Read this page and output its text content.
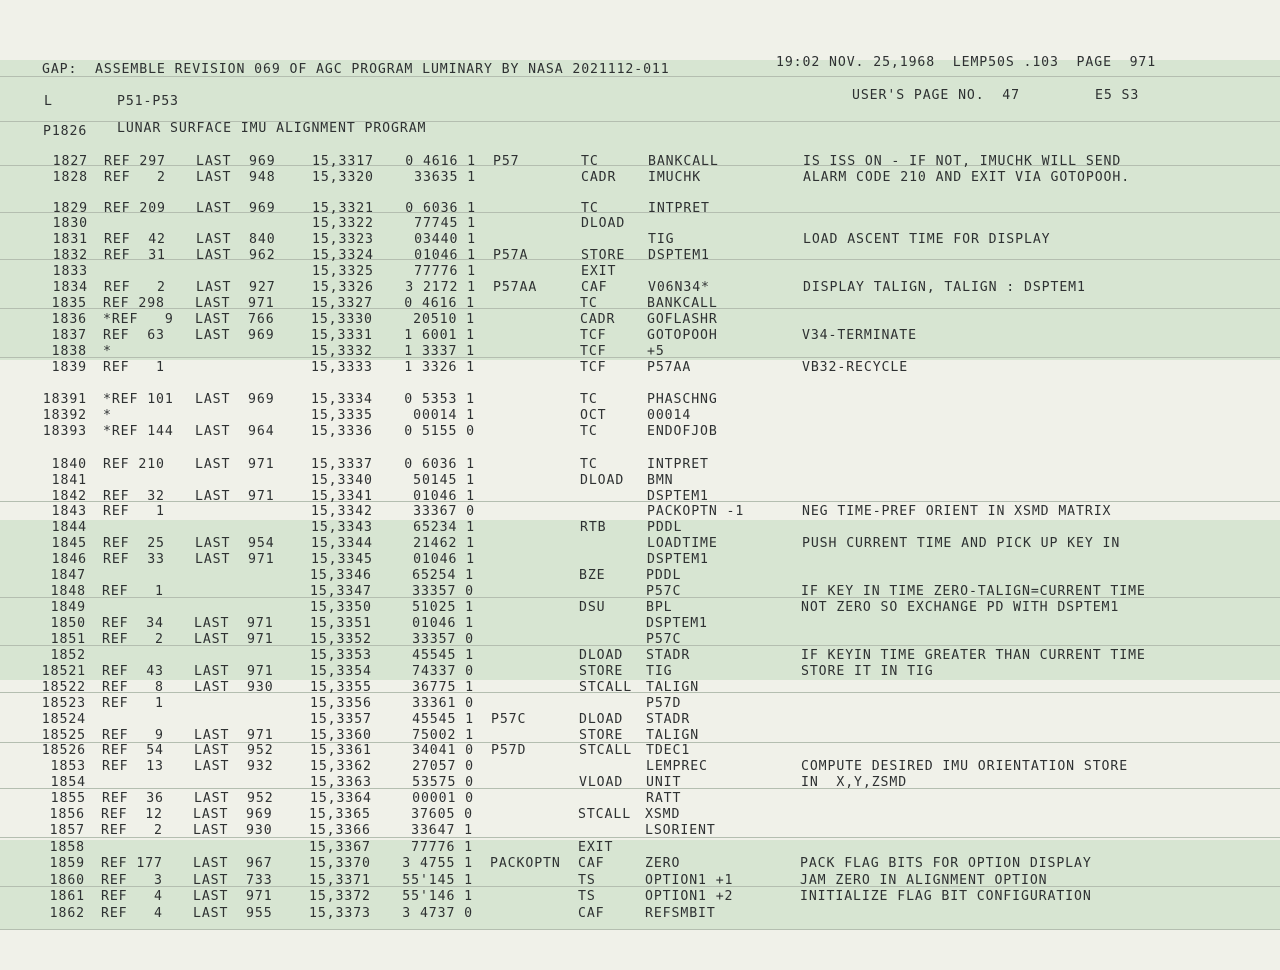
GAP:  ASSEMBLE REVISION 069 OF AGC PROGRAM LUMINARY BY NASA 2021112-011	19:02 NOV. 25,1968  LEMP50S .103  PAGE  971
L	P51-P53	USER'S PAGE NO.  47	E5 S3
P1826 LUNAR SURFACE IMU ALIGNMENT PROGRAM
1827 REF 297 LAST  969	15,3317	0 4616 1 P57	TC	BANKCALL	IS ISS ON - IF NOT, IMUCHK WILL SEND
1828 REF   2 LAST  948	15,3320	33635 1	CADR IMUCHK	ALARM CODE 210 AND EXIT VIA GOTOPOOH.
1829 REF 209 LAST  969	15,3321	0 6036 1	TC	INTPRET
1830	15,3322	77745 1	DLOAD
1831 REF  42 LAST  840	15,3323	03440 1	TIG	LOAD ASCENT TIME FOR DISPLAY
1832 REF  31 LAST  962	15,3324	01046 1 P57A	STORE DSPTEM1
1833	15,3325	77776 1	EXIT
1834 REF   2 LAST  927	15,3326	3 2172 1 P57AA	CAF	V06N34*	DISPLAY TALIGN, TALIGN : DSPTEM1
1835 REF 298 LAST  971	15,3327	0 4616 1	TC	BANKCALL
1836 *REF   9 LAST  766	15,3330	20510 1	CADR GOFLASHR
1837 REF  63 LAST  969	15,3331	1 6001 1	TCF	GOTOPOOH	V34-TERMINATE
1838 *	15,3332	1 3337 1	TCF	+5
1839 REF   1	15,3333	1 3326 1	TCF	P57AA	VB32-RECYCLE
18391 *REF 101 LAST  969	15,3334	0 5353 1	TC	PHASCHNG
18392 *	15,3335	00014 1	OCT	00014
18393 *REF 144 LAST  964	15,3336	0 5155 0	TC	ENDOFJOB
1840 REF 210 LAST  971	15,3337	0 6036 1	TC	INTPRET
1841	15,3340	50145 1	DLOAD BMN
1842 REF  32 LAST  971	15,3341	01046 1	DSPTEM1
1843 REF   1	15,3342	33367 0	PACKOPTN -1	NEG TIME-PREF ORIENT IN XSMD MATRIX
1844	15,3343	65234 1	RTB	PDDL
1845 REF  25 LAST  954	15,3344	21462 1	LOADTIME	PUSH CURRENT TIME AND PICK UP KEY IN
1846 REF  33 LAST  971	15,3345	01046 1	DSPTEM1
1847	15,3346	65254 1	BZE	PDDL
1848 REF   1	15,3347	33357 0	P57C	IF KEY IN TIME ZERO-TALIGN=CURRENT TIME
1849	15,3350	51025 1	DSU	BPL	NOT ZERO SO EXCHANGE PD WITH DSPTEM1
1850 REF  34 LAST  971	15,3351	01046 1	DSPTEM1
1851 REF   2 LAST  971	15,3352	33357 0	P57C
1852	15,3353	45545 1	DLOAD STADR	IF KEYIN TIME GREATER THAN CURRENT TIME
18521 REF  43 LAST  971	15,3354	74337 0	STORE TIG	STORE IT IN TIG
18522 REF   8 LAST  930	15,3355	36775 1	STCALL TALIGN
18523 REF   1	15,3356	33361 0	P57D
18524	15,3357	45545 1 P57C	DLOAD STADR
18525 REF   9 LAST  971	15,3360	75002 1	STORE TALIGN
18526 REF  54 LAST  952	15,3361	34041 0 P57D	STCALL TDEC1
1853 REF  13 LAST  932	15,3362	27057 0	LEMPREC	COMPUTE DESIRED IMU ORIENTATION STORE
1854	15,3363	53575 0	VLOAD UNIT	IN  X,Y,ZSMD
1855 REF  36 LAST  952	15,3364	00001 0	RATT
1856 REF  12 LAST  969	15,3365	37605 0	STCALL XSMD
1857 REF   2 LAST  930	15,3366	33647 1	LSORIENT
1858	15,3367	77776 1	EXIT
1859 REF 177 LAST  967	15,3370	3 4755 1 PACKOPTN CAF	ZERO	PACK FLAG BITS FOR OPTION DISPLAY
1860 REF   3 LAST  733	15,3371	55'145 1	TS	OPTION1 +1	JAM ZERO IN ALIGNMENT OPTION
1861 REF   4 LAST  971	15,3372	55'146 1	TS	OPTION1 +2	INITIALIZE FLAG BIT CONFIGURATION
1862 REF   4 LAST  955	15,3373	3 4737 0	CAF	REFSMBIT
